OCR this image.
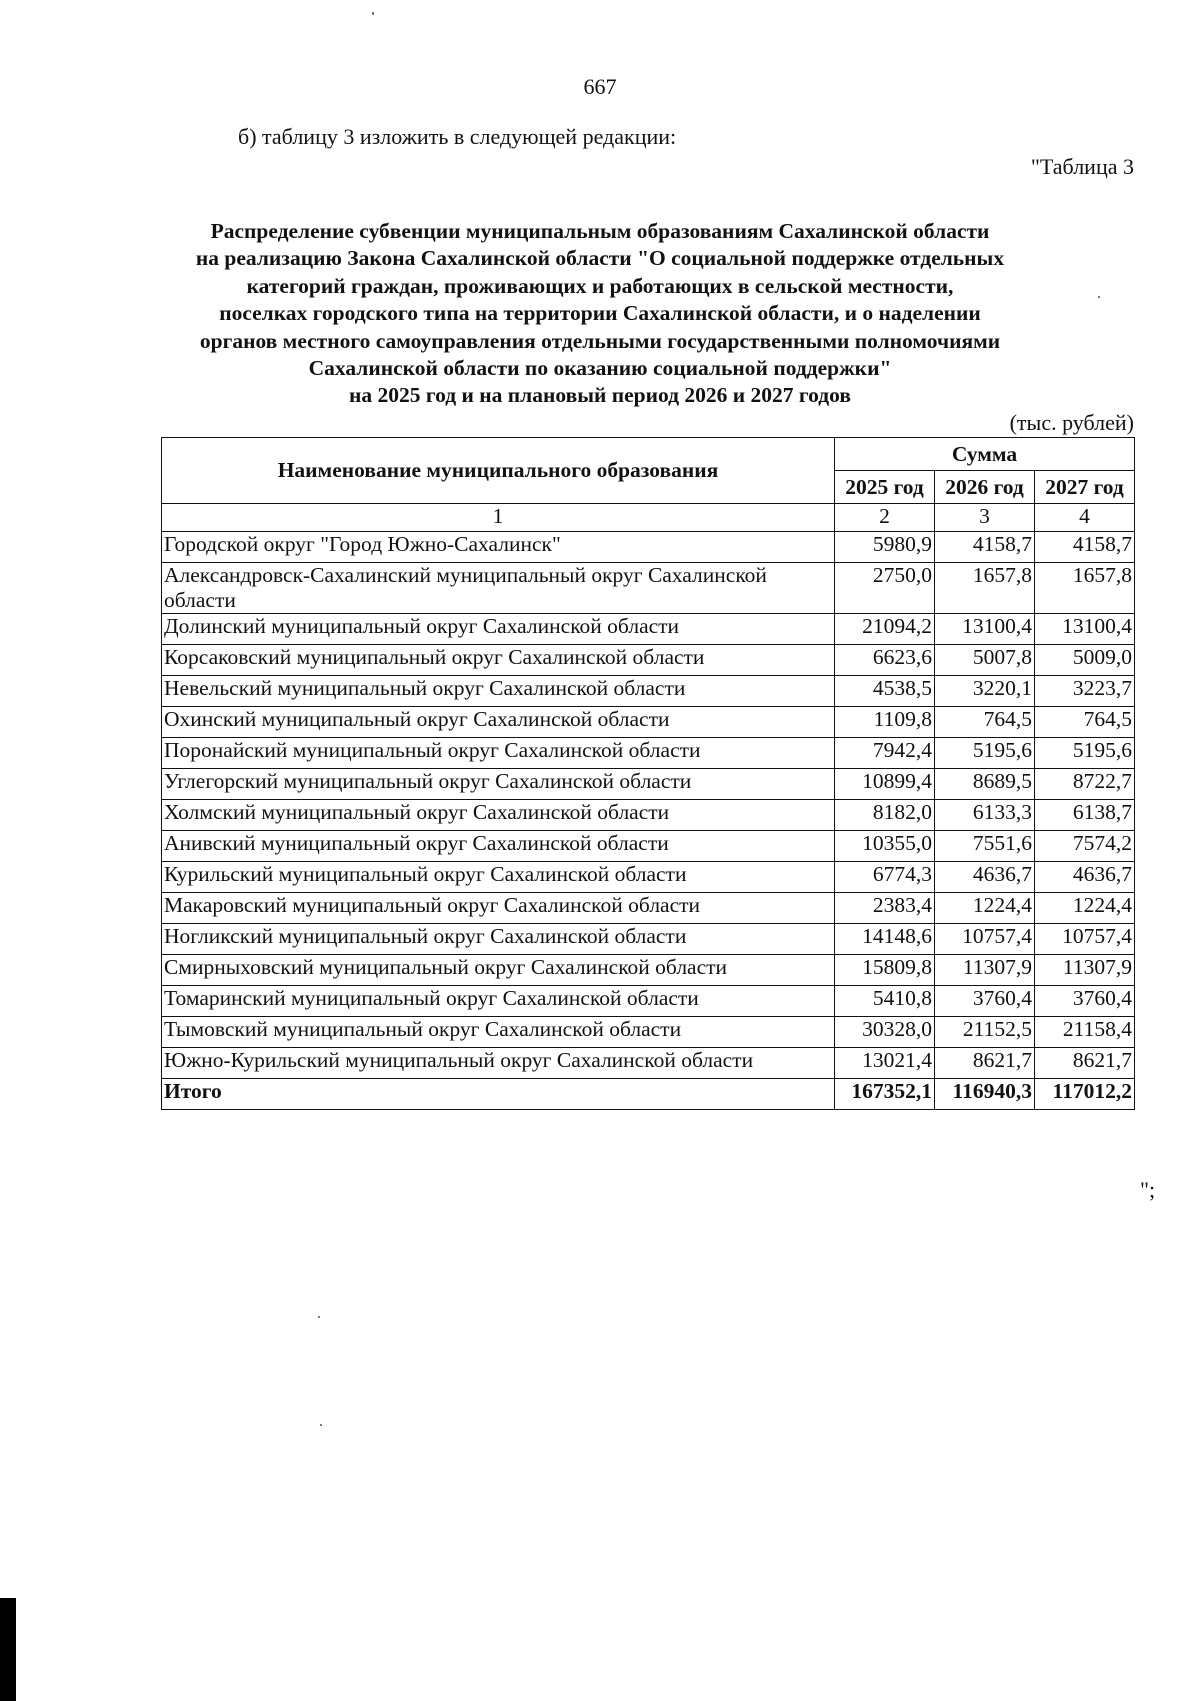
667
б) таблицу 3 изложить в следующей редакции:
"Таблица 3
Распределение субвенции муниципальным образованиям Сахалинской области
на реализацию Закона Сахалинской области "О социальной поддержке отдельных
категорий граждан, проживающих и работающих в сельской местности,
поселках городского типа на территории Сахалинской области, и о наделении
органов местного самоуправления отдельными государственными полномочиями
Сахалинской области по оказанию социальной поддержки"
на 2025 год и на плановый период 2026 и 2027 годов
(тыс. рублей)
Наименование муниципального образования	Сумма		
	2025 год	2026 год	2027 год
1	2	3	4
Городской округ "Город Южно-Сахалинск"	5980,9	4158,7	4158,7
Александровск-Сахалинский муниципальный округ Сахалинской области	2750,0	1657,8	1657,8
Долинский муниципальный округ Сахалинской области	21094,2	13100,4	13100,4
Корсаковский муниципальный округ Сахалинской области	6623,6	5007,8	5009,0
Невельский муниципальный округ Сахалинской области	4538,5	3220,1	3223,7
Охинский муниципальный округ Сахалинской области	1109,8	764,5	764,5
Поронайский муниципальный округ Сахалинской области	7942,4	5195,6	5195,6
Углегорский муниципальный округ Сахалинской области	10899,4	8689,5	8722,7
Холмский муниципальный округ Сахалинской области	8182,0	6133,3	6138,7
Анивский муниципальный округ Сахалинской области	10355,0	7551,6	7574,2
Курильский муниципальный округ Сахалинской области	6774,3	4636,7	4636,7
Макаровский муниципальный округ Сахалинской области	2383,4	1224,4	1224,4
Ногликский муниципальный округ Сахалинской области	14148,6	10757,4	10757,4
Смирныховский муниципальный округ Сахалинской области	15809,8	11307,9	11307,9
Томаринский муниципальный округ Сахалинской области	5410,8	3760,4	3760,4
Тымовский муниципальный округ Сахалинской области	30328,0	21152,5	21158,4
Южно-Курильский муниципальный округ Сахалинской области	13021,4	8621,7	8621,7
Итого	167352,1	116940,3	117012,2
";
